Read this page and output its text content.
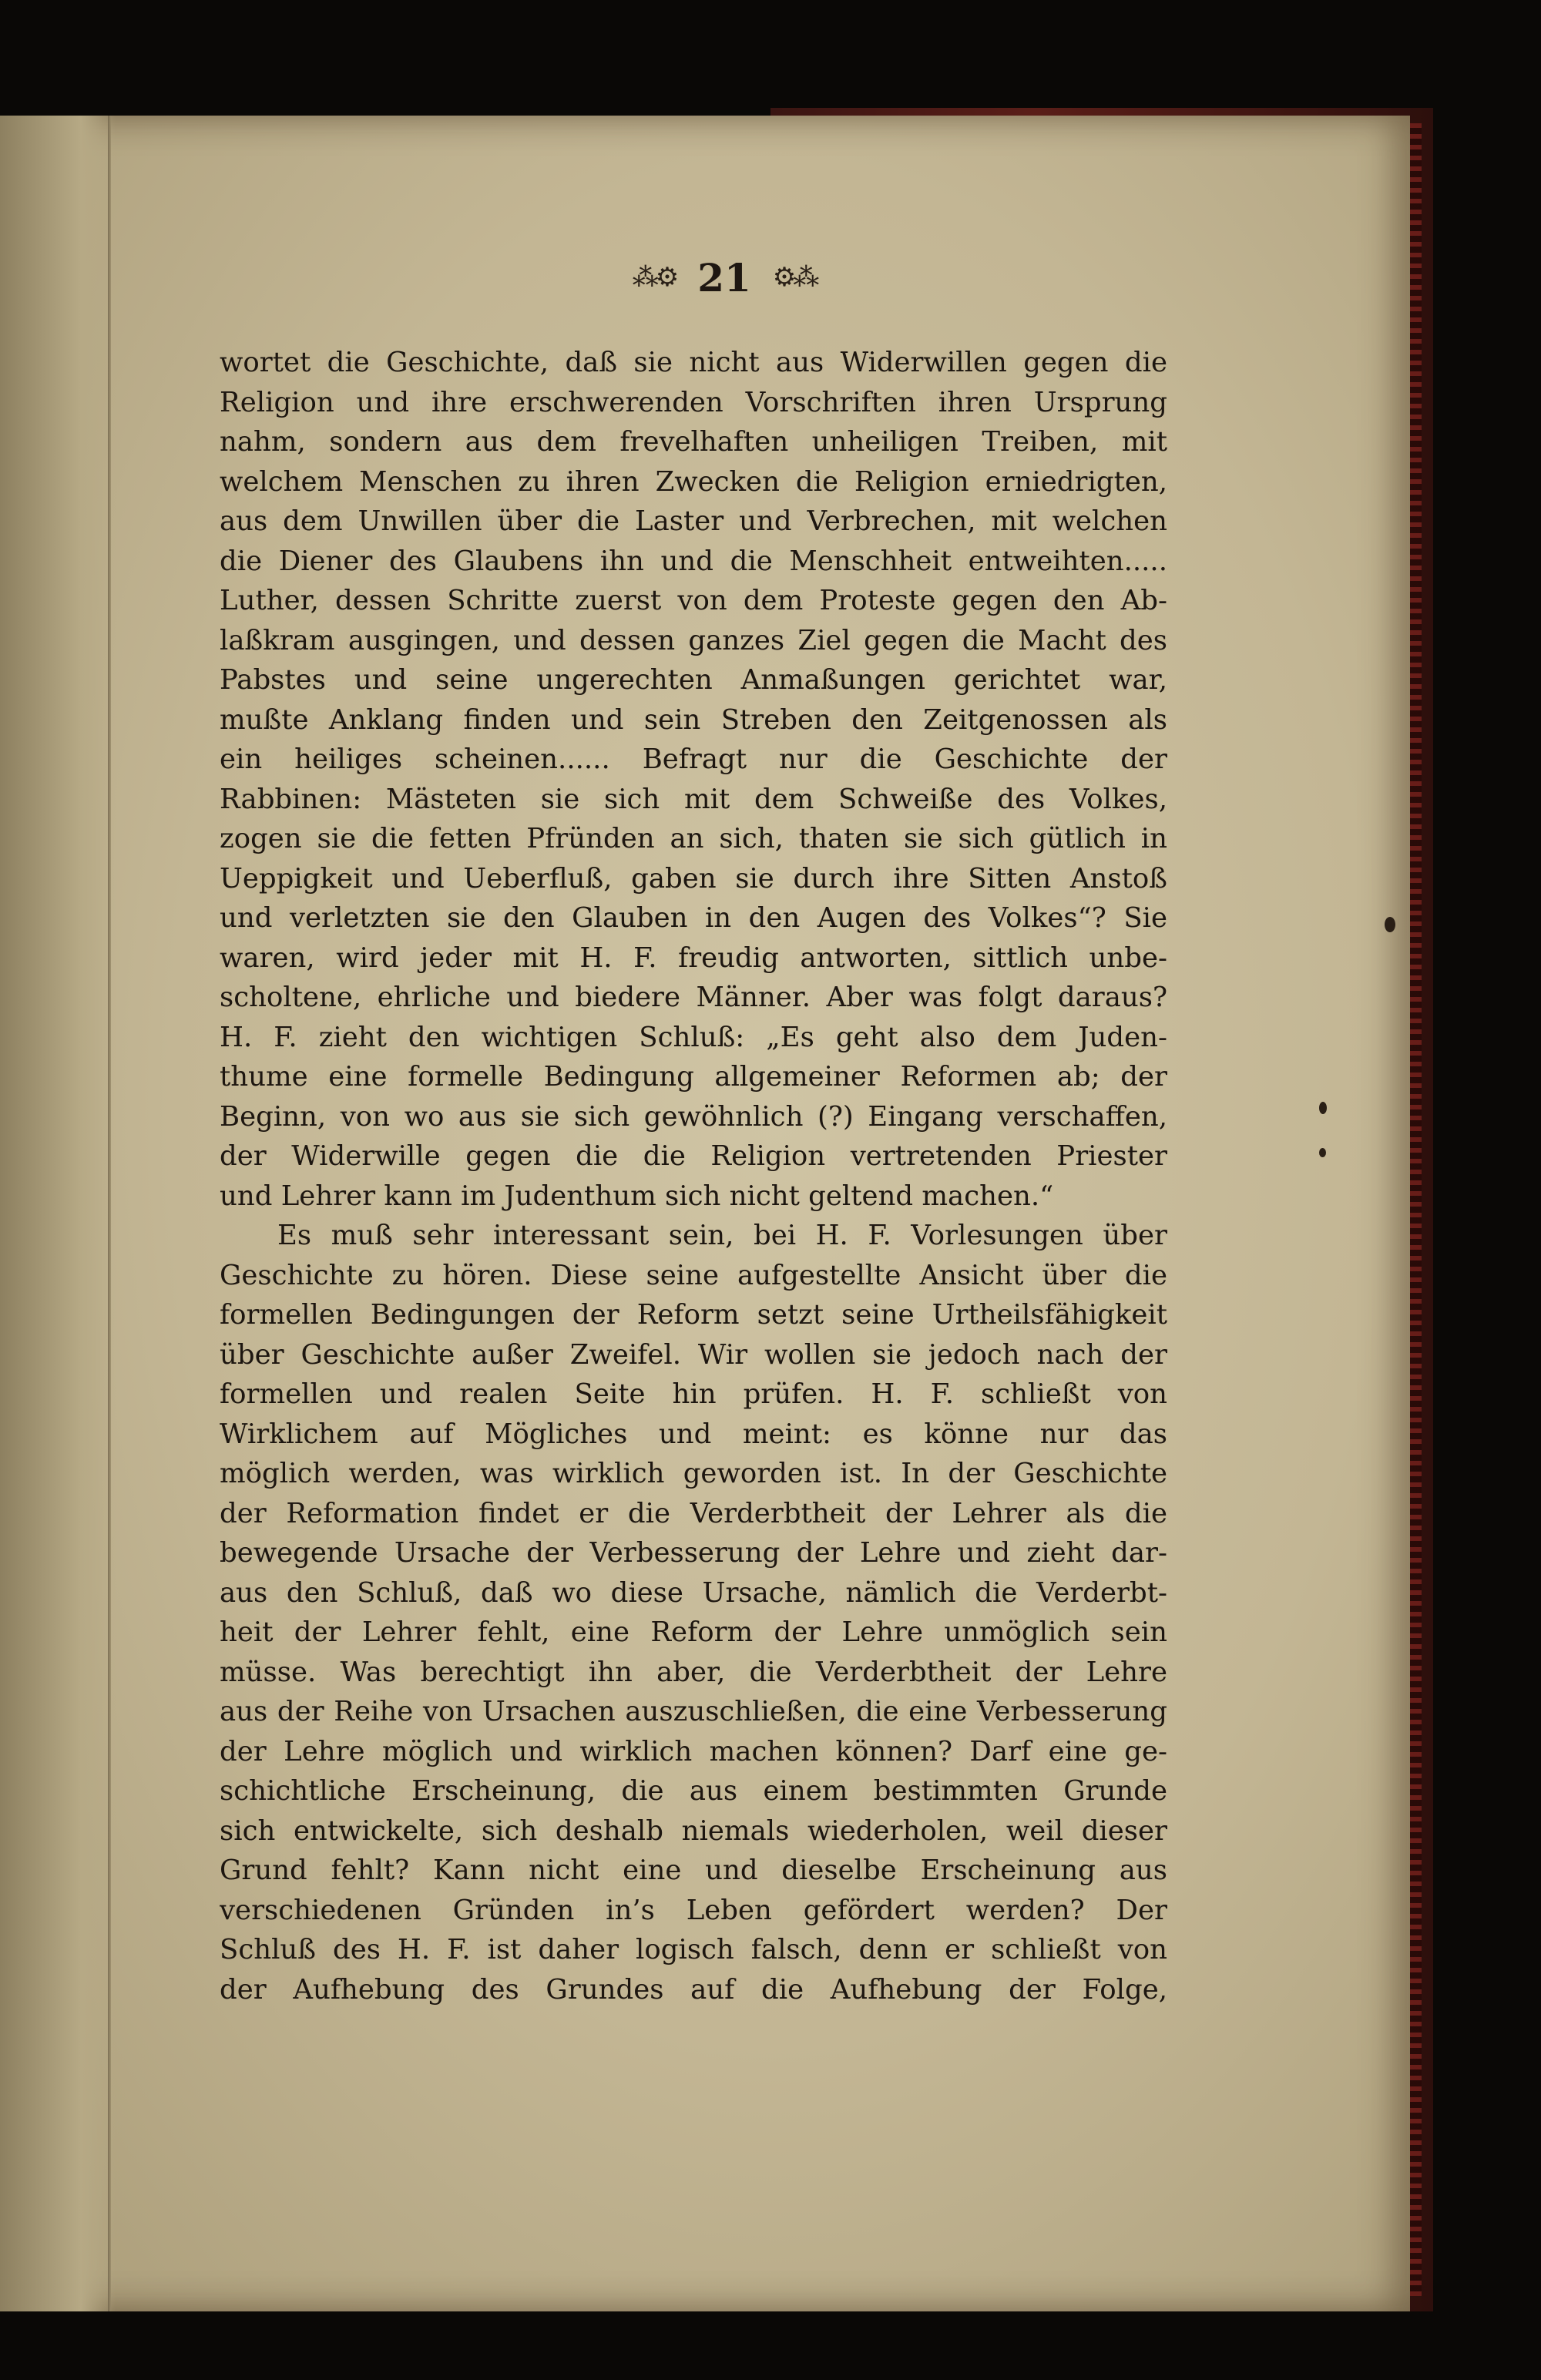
⁂⚙ 21 ⚙⁂
wortet die Geschichte, daß sie nicht aus Widerwillen gegen die
Religion und ihre erschwerenden Vorschriften ihren Ursprung
nahm, sondern aus dem frevelhaften unheiligen Treiben, mit
welchem Menschen zu ihren Zwecken die Religion erniedrigten,
aus dem Unwillen über die Laster und Verbrechen, mit welchen
die Diener des Glaubens ihn und die Menschheit entweihten.....
Luther, dessen Schritte zuerst von dem Proteste gegen den Ab-
laßkram ausgingen, und dessen ganzes Ziel gegen die Macht des
Pabstes und seine ungerechten Anmaßungen gerichtet war,
mußte Anklang finden und sein Streben den Zeitgenossen als
ein heiliges scheinen...... Befragt nur die Geschichte der
Rabbinen: Mästeten sie sich mit dem Schweiße des Volkes,
zogen sie die fetten Pfründen an sich, thaten sie sich gütlich in
Ueppigkeit und Ueberfluß, gaben sie durch ihre Sitten Anstoß
und verletzten sie den Glauben in den Augen des Volkes“? Sie
waren, wird jeder mit H. F. freudig antworten, sittlich unbe-
scholtene, ehrliche und biedere Männer. Aber was folgt daraus?
H. F. zieht den wichtigen Schluß: „Es geht also dem Juden-
thume eine formelle Bedingung allgemeiner Reformen ab; der
Beginn, von wo aus sie sich gewöhnlich (?) Eingang verschaffen,
der Widerwille gegen die die Religion vertretenden Priester
und Lehrer kann im Judenthum sich nicht geltend machen.“
Es muß sehr interessant sein, bei H. F. Vorlesungen über
Geschichte zu hören. Diese seine aufgestellte Ansicht über die
formellen Bedingungen der Reform setzt seine Urtheilsfähigkeit
über Geschichte außer Zweifel. Wir wollen sie jedoch nach der
formellen und realen Seite hin prüfen. H. F. schließt von
Wirklichem auf Mögliches und meint: es könne nur das
möglich werden, was wirklich geworden ist. In der Geschichte
der Reformation findet er die Verderbtheit der Lehrer als die
bewegende Ursache der Verbesserung der Lehre und zieht dar-
aus den Schluß, daß wo diese Ursache, nämlich die Verderbt-
heit der Lehrer fehlt, eine Reform der Lehre unmöglich sein
müsse. Was berechtigt ihn aber, die Verderbtheit der Lehre
aus der Reihe von Ursachen auszuschließen, die eine Verbesserung
der Lehre möglich und wirklich machen können? Darf eine ge-
schichtliche Erscheinung, die aus einem bestimmten Grunde
sich entwickelte, sich deshalb niemals wiederholen, weil dieser
Grund fehlt? Kann nicht eine und dieselbe Erscheinung aus
verschiedenen Gründen in’s Leben gefördert werden? Der
Schluß des H. F. ist daher logisch falsch, denn er schließt von
der Aufhebung des Grundes auf die Aufhebung der Folge,
